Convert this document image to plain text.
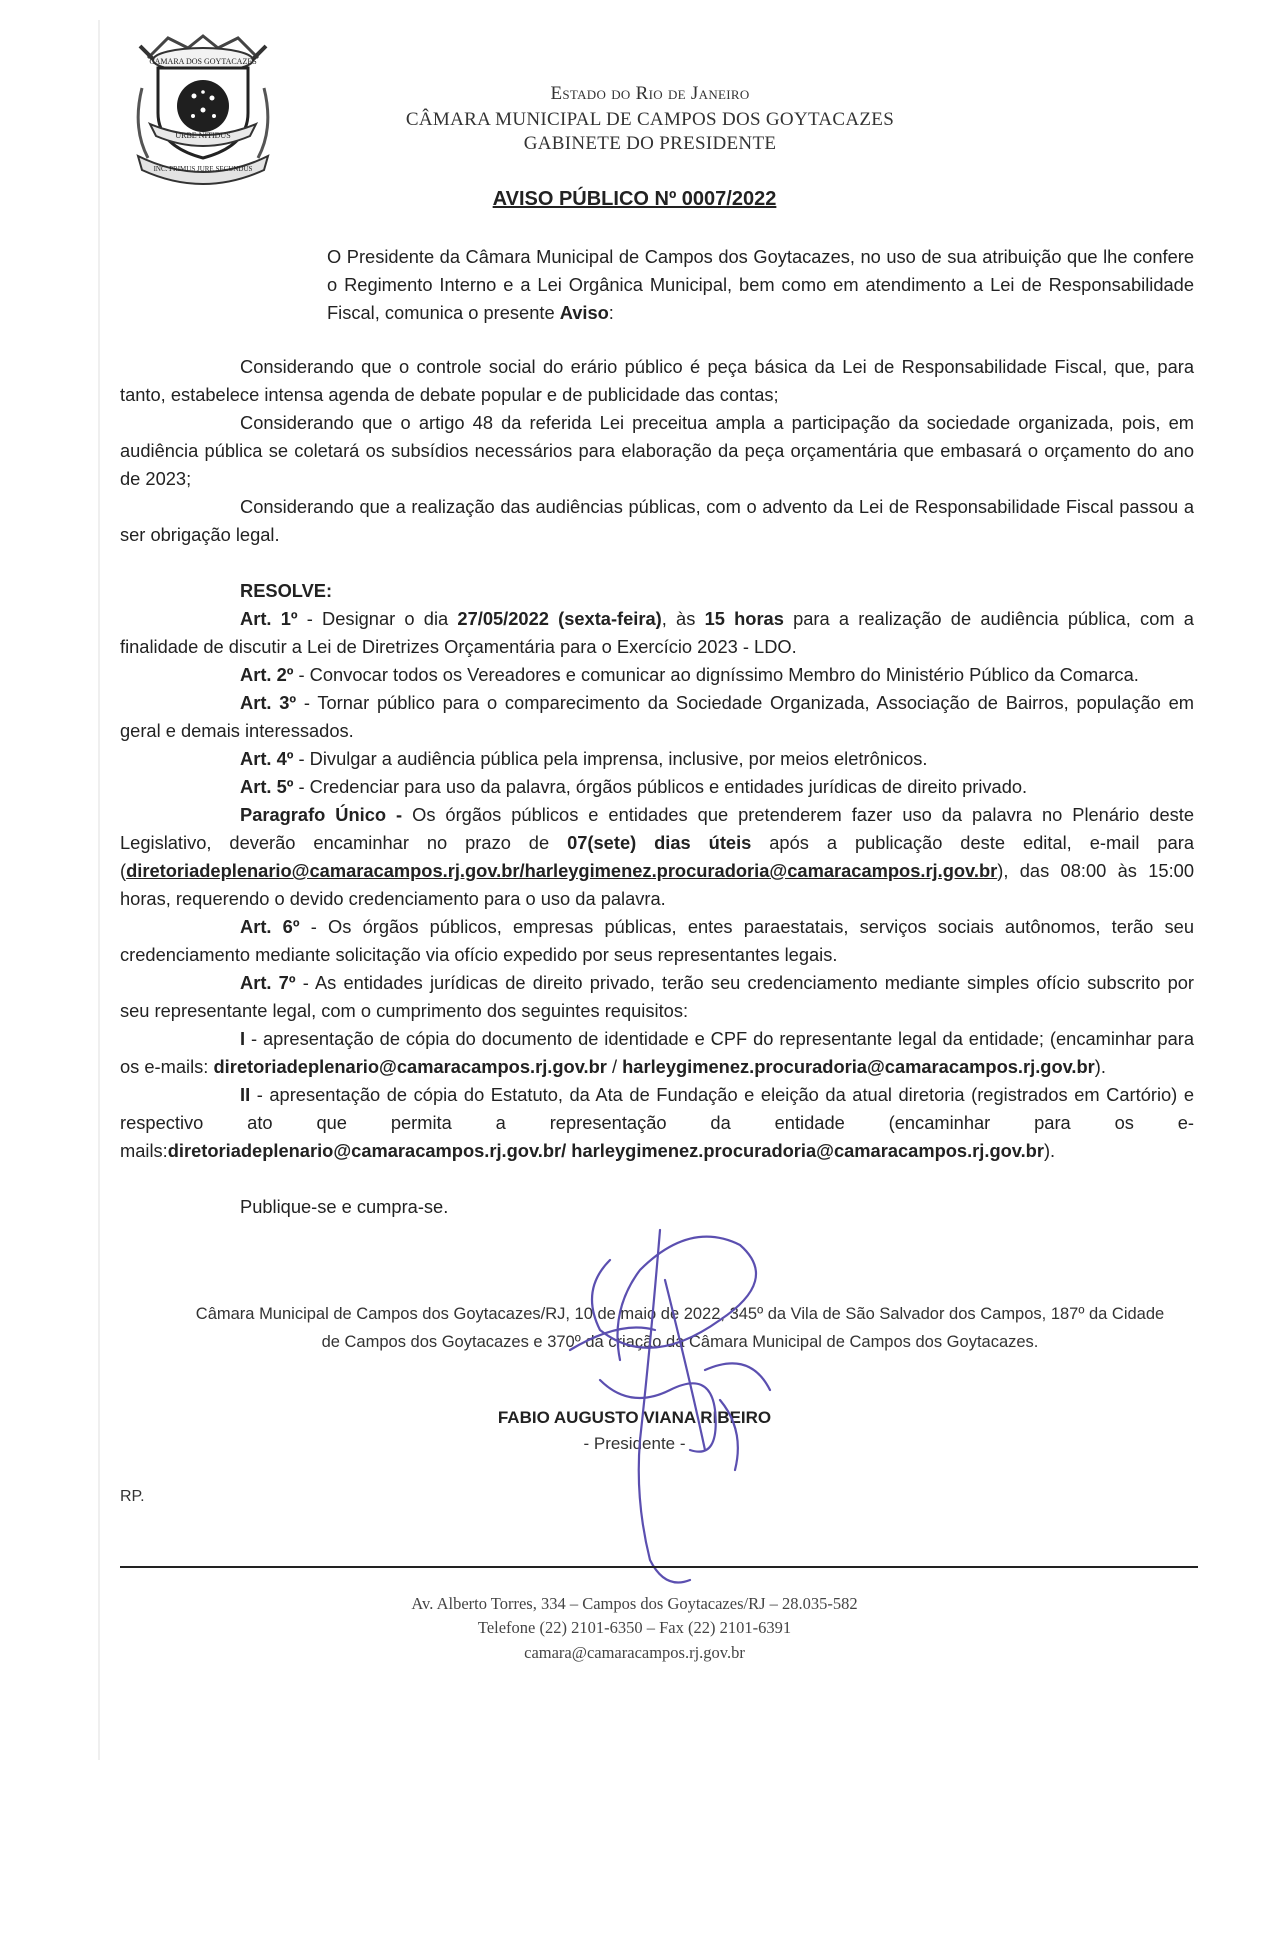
CAMARA DOS GOYTACAZES
URBE NITIDUS
INC. PRIMUS JURE SECUNDUS
Estado do Rio de Janeiro
CÂMARA MUNICIPAL DE CAMPOS DOS GOYTACAZES
GABINETE DO PRESIDENTE
AVISO PÚBLICO Nº 0007/2022
O Presidente da Câmara Municipal de Campos dos Goytacazes, no uso de sua atribuição que lhe confere o Regimento Interno e a Lei Orgânica Municipal, bem como em atendimento a Lei de Responsabilidade Fiscal, comunica o presente Aviso:

Considerando que o controle social do erário público é peça básica da Lei de Responsabilidade Fiscal, que, para tanto, estabelece intensa agenda de debate popular e de publicidade das contas;

Considerando que o artigo 48 da referida Lei preceitua ampla a participação da sociedade organizada, pois, em audiência pública se coletará os subsídios necessários para elaboração da peça orçamentária que embasará o orçamento do ano de 2023;

Considerando que a realização das audiências públicas, com o advento da Lei de Responsabilidade Fiscal passou a ser obrigação legal.

RESOLVE:

Art. 1º - Designar o dia 27/05/2022 (sexta-feira), às 15 horas para a realização de audiência pública, com a finalidade de discutir a Lei de Diretrizes Orçamentária para o Exercício 2023 - LDO.

Art. 2º - Convocar todos os Vereadores e comunicar ao digníssimo Membro do Ministério Público da Comarca.

Art. 3º - Tornar público para o comparecimento da Sociedade Organizada, Associação de Bairros, população em geral e demais interessados.

Art. 4º - Divulgar a audiência pública pela imprensa, inclusive, por meios eletrônicos.

Art. 5º - Credenciar para uso da palavra, órgãos públicos e entidades jurídicas de direito privado.

Paragrafo Único - Os órgãos públicos e entidades que pretenderem fazer uso da palavra no Plenário deste Legislativo, deverão encaminhar no prazo de 07(sete) dias úteis após a publicação deste edital, e-mail para (diretoriadeplenario@camaracampos.rj.gov.br/harleygimenez.procuradoria@camaracampos.rj.gov.br), das 08:00 às 15:00 horas, requerendo o devido credenciamento para o uso da palavra.

Art. 6º - Os órgãos públicos, empresas públicas, entes paraestatais, serviços sociais autônomos, terão seu credenciamento mediante solicitação via ofício expedido por seus representantes legais.

Art. 7º - As entidades jurídicas de direito privado, terão seu credenciamento mediante simples ofício subscrito por seu representante legal, com o cumprimento dos seguintes requisitos:

I - apresentação de cópia do documento de identidade e CPF do representante legal da entidade; (encaminhar para os e-mails: diretoriadeplenario@camaracampos.rj.gov.br / harleygimenez.procuradoria@camaracampos.rj.gov.br).

II - apresentação de cópia do Estatuto, da Ata de Fundação e eleição da atual diretoria (registrados em Cartório) e respectivo ato que permita a representação da entidade (encaminhar para os e-mails:diretoriadeplenario@camaracampos.rj.gov.br/ harleygimenez.procuradoria@camaracampos.rj.gov.br).

Publique-se e cumpra-se.

Câmara Municipal de Campos dos Goytacazes/RJ, 10 de maio de 2022, 345º da Vila de São Salvador dos Campos, 187º da Cidade de Campos dos Goytacazes e 370º da criação da Câmara Municipal de Campos dos Goytacazes.
FABIO AUGUSTO VIANA RIBEIRO
- Presidente -
RP.
Av. Alberto Torres, 334 – Campos dos Goytacazes/RJ – 28.035-582
Telefone (22) 2101-6350 – Fax (22) 2101-6391
camara@camaracampos.rj.gov.br
